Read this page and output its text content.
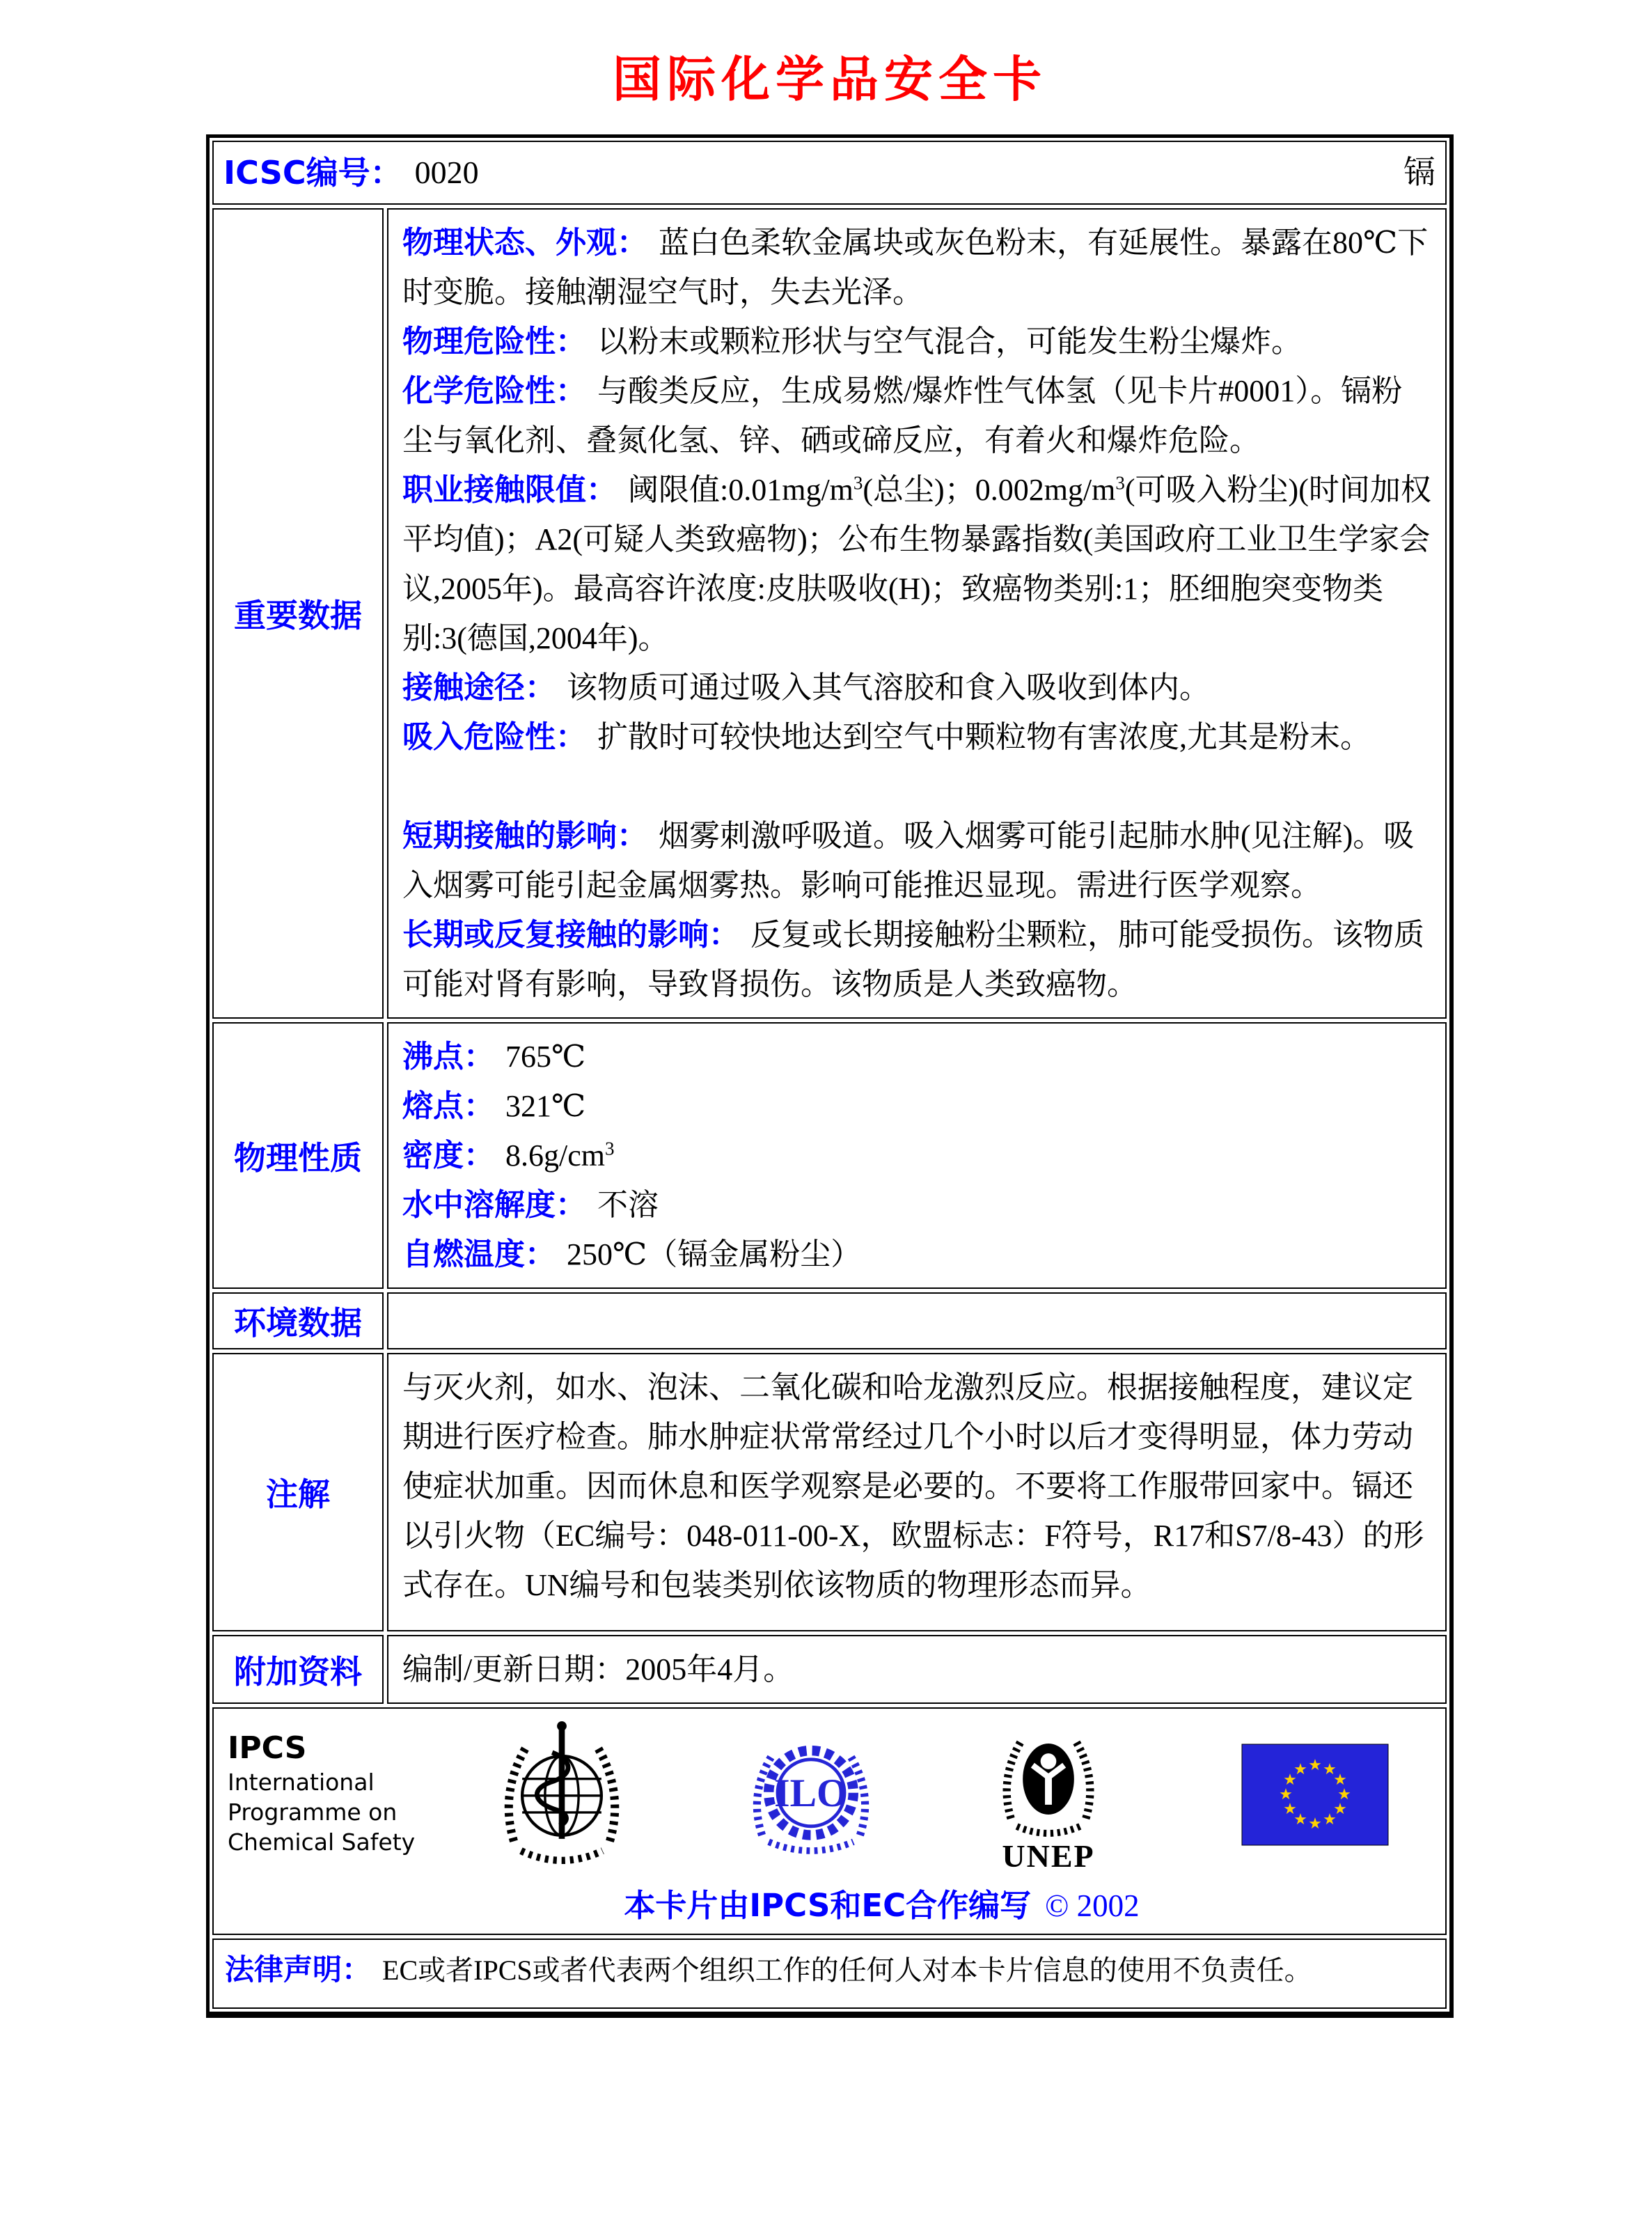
国际化学品安全卡
ICSC编号： 0020	镉
重要数据

物理状态、外观： 蓝白色柔软金属块或灰色粉末，有延展性。暴露在80℃下时变脆。接触潮湿空气时，失去光泽。

物理危险性： 以粉末或颗粒形状与空气混合，可能发生粉尘爆炸。

化学危险性： 与酸类反应，生成易燃/爆炸性气体氢（见卡片#0001）。镉粉尘与氧化剂、叠氮化氢、锌、硒或碲反应，有着火和爆炸危险。

职业接触限值： 阈限值$:0.01mg/m^3$(总尘)；$0.002mg/m^3$(可吸入粉尘)(时间加权平均值)；A2(可疑人类致癌物)；公布生物暴露指数(美国政府工业卫生学家会议,2005年)。最高容许浓度:皮肤吸收(H)；致癌物类别:1；胚细胞突变物类别:3(德国,2004年)。

接触途径： 该物质可通过吸入其气溶胶和食入吸收到体内。

吸入危险性： 扩散时可较快地达到空气中颗粒物有害浓度,尤其是粉末。

短期接触的影响： 烟雾刺激呼吸道。吸入烟雾可能引起肺水肿(见注解)。吸入烟雾可能引起金属烟雾热。影响可能推迟显现。需进行医学观察。

长期或反复接触的影响： 反复或长期接触粉尘颗粒，肺可能受损伤。该物质可能对肾有影响，导致肾损伤。该物质是人类致癌物。

物理性质

沸点： 765℃

熔点： 321℃

密度： $8.6g/cm^3$

水中溶解度： 不溶

自燃温度： 250℃（镉金属粉尘）

环境数据
注解

与灭火剂，如水、泡沫、二氧化碳和哈龙激烈反应。根据接触程度，建议定期进行医疗检查。肺水肿症状常常经过几个小时以后才变得明显，体力劳动使症状加重。因而休息和医学观察是必要的。不要将工作服带回家中。镉还以引火物（EC编号：048-011-00-X，欧盟标志：F符号，R17和S7/8-43）的形式存在。UN编号和包装类别依该物质的物理形态而异。

附加资料	编制/更新日期：2005年4月。
IPCS
International
Programme on
Chemical Safety
ILO
UNEP
★ ★
★
★
★
★
★
★
★
★
★
★
本卡片由IPCS和EC合作编写 © 2002
法律声明： EC或者IPCS或者代表两个组织工作的任何人对本卡片信息的使用不负责任。
